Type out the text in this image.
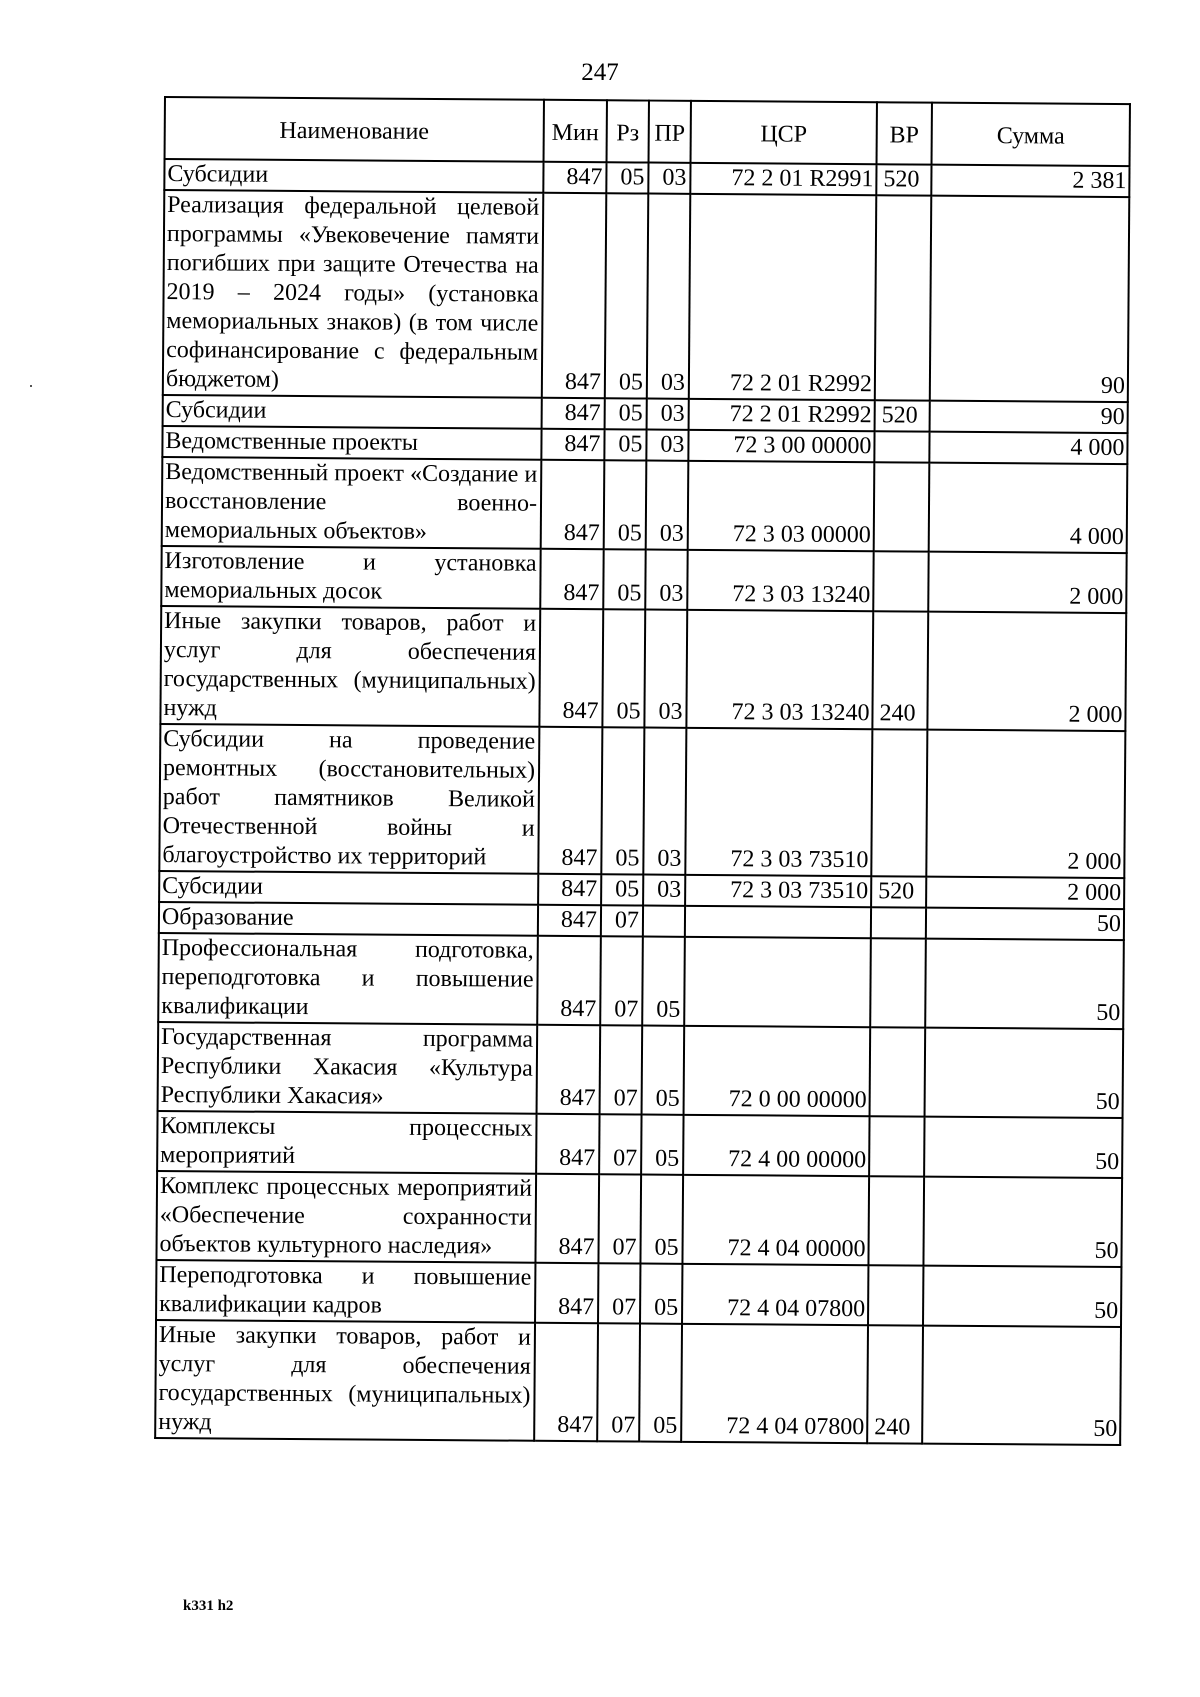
247
Наименование	Мин	Рз	ПР	ЦСР	ВР	Сумма
Субсидии	847	05	03	72 2 01 R2991	520	2 381
Реализация федеральной целевой программы «Увековечение памяти погибших при защите Отечества на 2019 – 2024 годы» (установка мемориальных знаков) (в том числе софинансирование с федеральным бюджетом)	847	05	03	72 2 01 R2992		90
Субсидии	847	05	03	72 2 01 R2992	520	90
Ведомственные проекты	847	05	03	72 3 00 00000		4 000
Ведомственный проект «Создание и восстановление военно-мемориальных объектов»	847	05	03	72 3 03 00000		4 000
Изготовление и установка мемориальных досок	847	05	03	72 3 03 13240		2 000
Иные закупки товаров, работ и услуг для обеспечения государственных (муниципальных) нужд	847	05	03	72 3 03 13240	240	2 000
Субсидии на проведение ремонтных (восстановительных) работ памятников Великой Отечественной войны и благоустройство их территорий	847	05	03	72 3 03 73510		2 000
Субсидии	847	05	03	72 3 03 73510	520	2 000
Образование	847	07				50
Профессиональная подготовка, переподготовка и повышение квалификации	847	07	05			50
Государственная программа Республики Хакасия «Культура Республики Хакасия»	847	07	05	72 0 00 00000		50
Комплексы процессных мероприятий	847	07	05	72 4 00 00000		50
Комплекс процессных мероприятий «Обеспечение сохранности объектов культурного наследия»	847	07	05	72 4 04 00000		50
Переподготовка и повышение квалификации кадров	847	07	05	72 4 04 07800		50
Иные закупки товаров, работ и услуг для обеспечения государственных (муниципальных) нужд	847	07	05	72 4 04 07800	240	50
k331 h2
